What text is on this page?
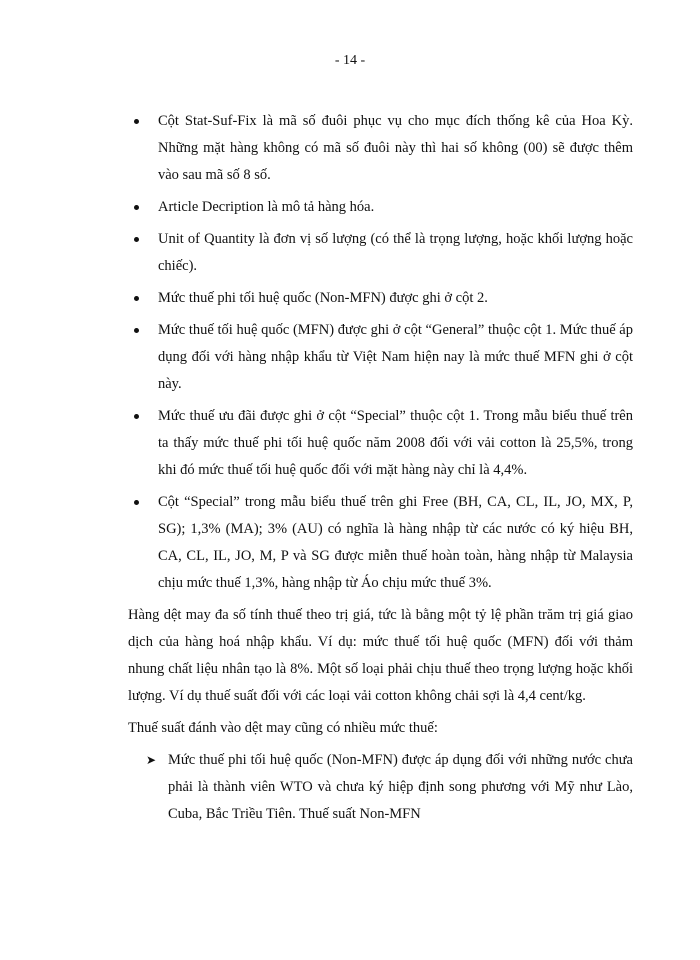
- 14 -
Cột Stat-Suf-Fix là mã số đuôi phục vụ cho mục đích thống kê của Hoa Kỳ. Những mặt hàng không có mã số đuôi này thì hai số không (00) sẽ được thêm vào sau mã số 8 số.
Article Decription là mô tả hàng hóa.
Unit of Quantity là đơn vị số lượng (có thể là trọng lượng, hoặc khối lượng hoặc chiếc).
Mức thuế phi tối huệ quốc (Non-MFN) được ghi ở cột 2.
Mức thuế tối huệ quốc (MFN) được ghi ở cột “General” thuộc cột 1. Mức thuế áp dụng đối với hàng nhập khẩu từ Việt Nam hiện nay là mức thuế MFN ghi ở cột này.
Mức thuế ưu đãi được ghi ở cột “Special” thuộc cột 1. Trong mẫu biểu thuế trên ta thấy mức thuế phi tối huệ quốc năm 2008 đối với vải cotton là 25,5%, trong khi đó mức thuế tối huệ quốc đối với mặt hàng này chỉ là 4,4%.
Cột “Special” trong mẫu biểu thuế trên ghi Free (BH, CA, CL, IL, JO, MX, P, SG); 1,3% (MA); 3% (AU) có nghĩa là hàng nhập từ các nước có ký hiệu BH, CA, CL, IL, JO, M, P và SG được miễn thuế hoàn toàn, hàng nhập từ Malaysia chịu mức thuế 1,3%, hàng nhập từ Áo chịu mức thuế 3%.

Hàng dệt may đa số tính thuế theo trị giá, tức là bằng một tỷ lệ phần trăm trị giá giao dịch của hàng hoá nhập khẩu. Ví dụ: mức thuế tối huệ quốc (MFN) đối với thảm nhung chất liệu nhân tạo là 8%. Một số loại phải chịu thuế theo trọng lượng hoặc khối lượng. Ví dụ thuế suất đối với các loại vải cotton không chải sợi là 4,4 cent/kg.

Thuế suất đánh vào dệt may cũng có nhiều mức thuế:

➤ Mức thuế phi tối huệ quốc (Non-MFN) được áp dụng đối với những nước chưa phải là thành viên WTO và chưa ký hiệp định song phương với Mỹ như Lào, Cuba, Bắc Triều Tiên. Thuế suất Non-MFN
